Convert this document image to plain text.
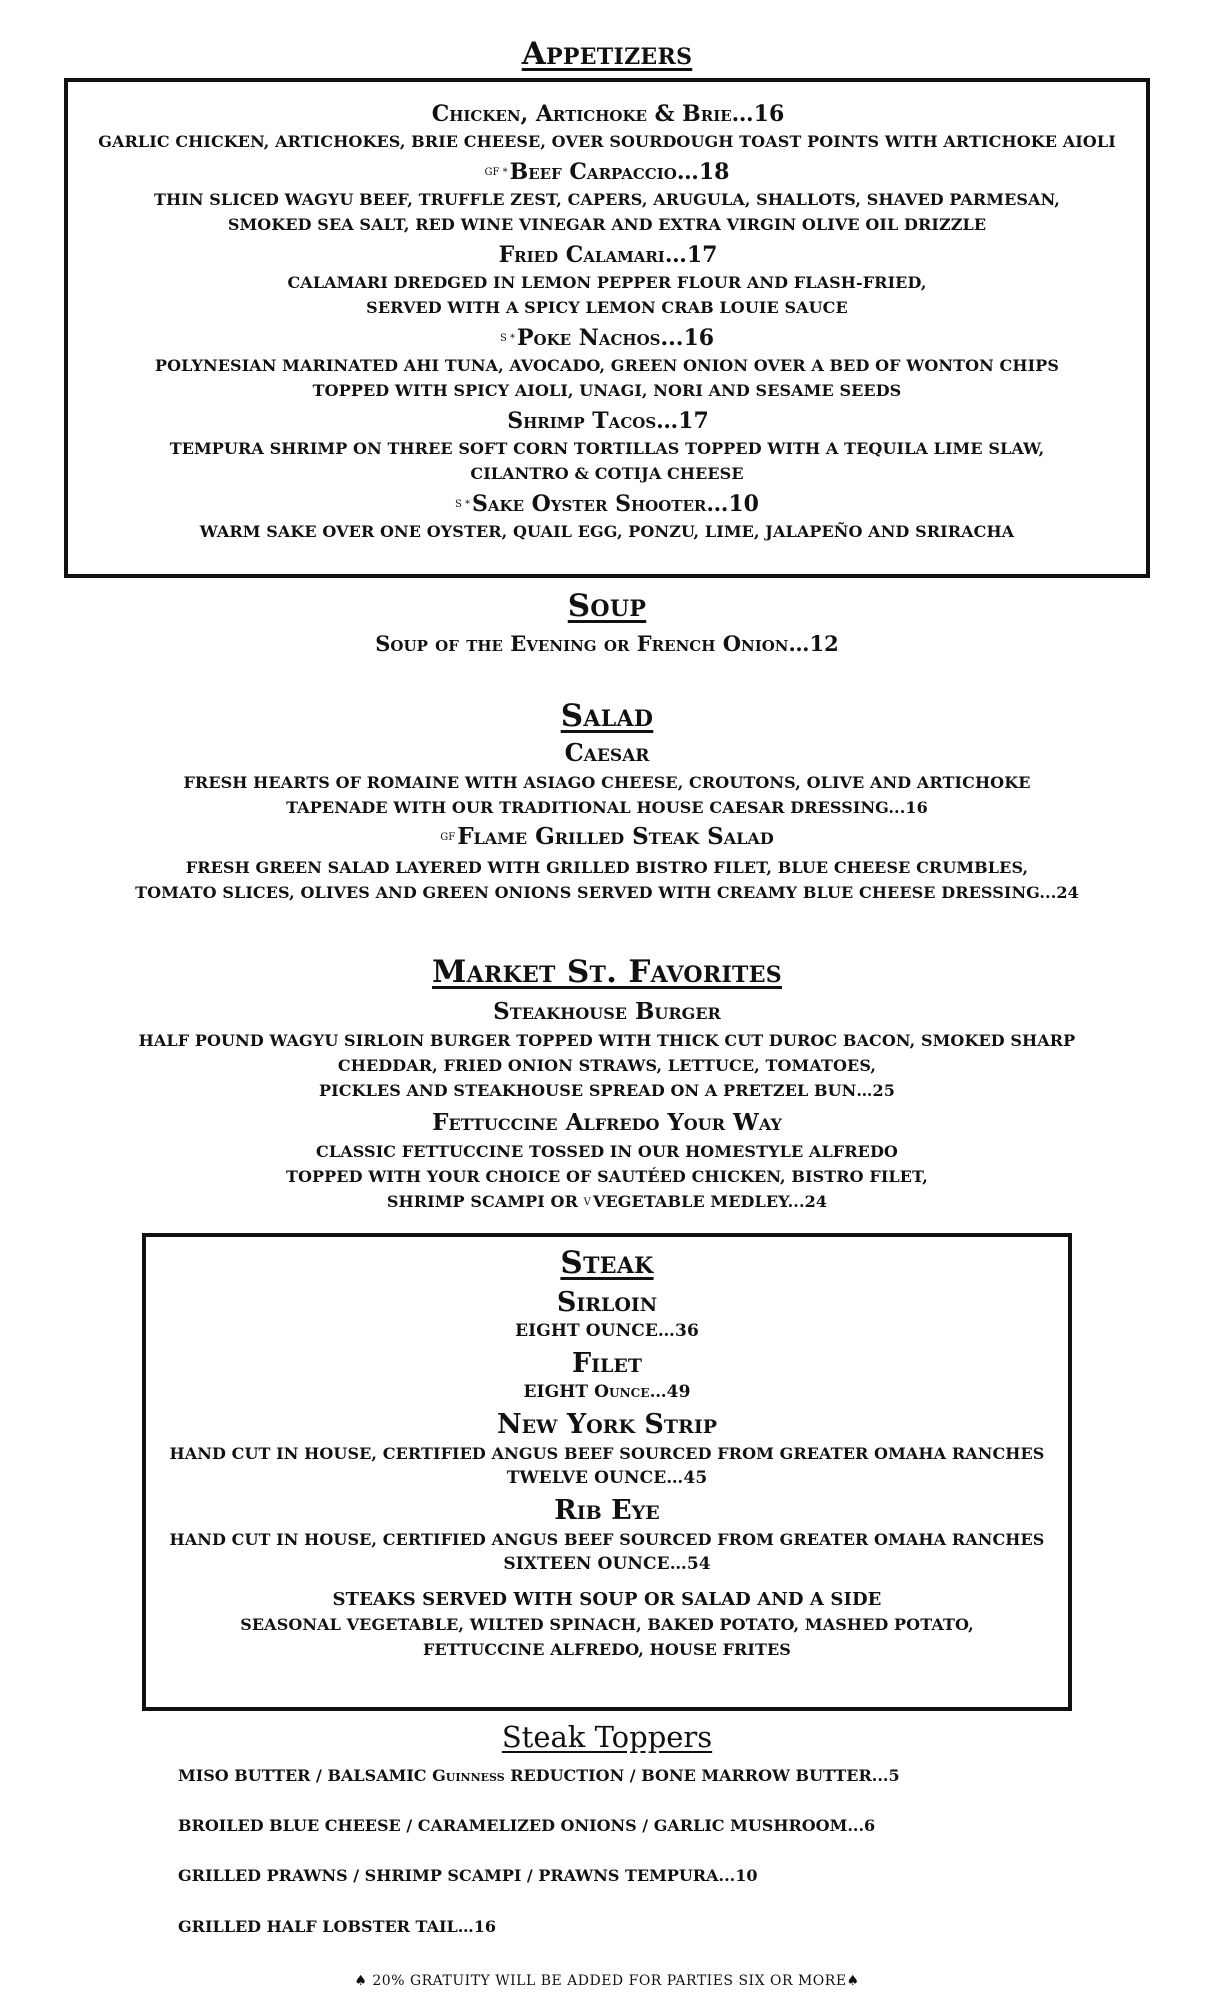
Appetizers

Chicken, Artichoke & Brie…16

GARLIC CHICKEN, ARTICHOKES, BRIE CHEESE, OVER SOURDOUGH TOAST POINTS WITH ARTICHOKE AIOLI

GF *Beef Carpaccio…18

THIN SLICED WAGYU BEEF, TRUFFLE ZEST, CAPERS, ARUGULA, SHALLOTS, SHAVED PARMESAN,

SMOKED SEA SALT, RED WINE VINEGAR AND EXTRA VIRGIN OLIVE OIL DRIZZLE

Fried Calamari…17

CALAMARI DREDGED IN LEMON PEPPER FLOUR AND FLASH-FRIED,

SERVED WITH A SPICY LEMON CRAB LOUIE SAUCE

S *Poke Nachos...16

POLYNESIAN MARINATED AHI TUNA, AVOCADO, GREEN ONION OVER A BED OF WONTON CHIPS

TOPPED WITH SPICY AIOLI, UNAGI, NORI AND SESAME SEEDS

Shrimp Tacos…17

TEMPURA SHRIMP ON THREE SOFT CORN TORTILLAS TOPPED WITH A TEQUILA LIME SLAW,

CILANTRO & COTIJA CHEESE

S *Sake Oyster Shooter…10

WARM SAKE OVER ONE OYSTER, QUAIL EGG, PONZU, LIME, JALAPEÑO AND SRIRACHA

Soup

Soup of the Evening or French Onion…12

Salad

Caesar

FRESH HEARTS OF ROMAINE WITH ASIAGO CHEESE, CROUTONS, OLIVE AND ARTICHOKE

TAPENADE WITH OUR TRADITIONAL HOUSE CAESAR DRESSING...16

GFFlame Grilled Steak Salad

FRESH GREEN SALAD LAYERED WITH GRILLED BISTRO FILET, BLUE CHEESE CRUMBLES,

TOMATO SLICES, OLIVES AND GREEN ONIONS SERVED WITH CREAMY BLUE CHEESE DRESSING...24

Market St. Favorites

Steakhouse Burger

HALF POUND WAGYU SIRLOIN BURGER TOPPED WITH THICK CUT DUROC BACON, SMOKED SHARP

CHEDDAR, FRIED ONION STRAWS, LETTUCE, TOMATOES,

PICKLES AND STEAKHOUSE SPREAD ON A PRETZEL BUN…25

Fettuccine Alfredo Your Way

CLASSIC FETTUCCINE TOSSED IN OUR HOMESTYLE ALFREDO

TOPPED WITH YOUR CHOICE OF SAUTÉED CHICKEN, BISTRO FILET,

SHRIMP SCAMPI OR V VEGETABLE MEDLEY...24

Steak

Sirloin

EIGHT OUNCE…36

Filet

EIGHT Ounce…49

New York Strip

HAND CUT IN HOUSE, CERTIFIED ANGUS BEEF SOURCED FROM GREATER OMAHA RANCHES

TWELVE OUNCE…45

Rib Eye

HAND CUT IN HOUSE, CERTIFIED ANGUS BEEF SOURCED FROM GREATER OMAHA RANCHES

SIXTEEN OUNCE…54

STEAKS SERVED WITH SOUP OR SALAD AND A SIDE

SEASONAL VEGETABLE, WILTED SPINACH, BAKED POTATO, MASHED POTATO,

FETTUCCINE ALFREDO, HOUSE FRITES

Steak Toppers
MISO BUTTER / BALSAMIC Guinness REDUCTION / BONE MARROW BUTTER...5
BROILED BLUE CHEESE / CARAMELIZED ONIONS / GARLIC MUSHROOM...6
GRILLED PRAWNS / SHRIMP SCAMPI / PRAWNS TEMPURA...10
GRILLED HALF LOBSTER TAIL…16
♠ 20% GRATUITY WILL BE ADDED FOR PARTIES SIX OR MORE♠
